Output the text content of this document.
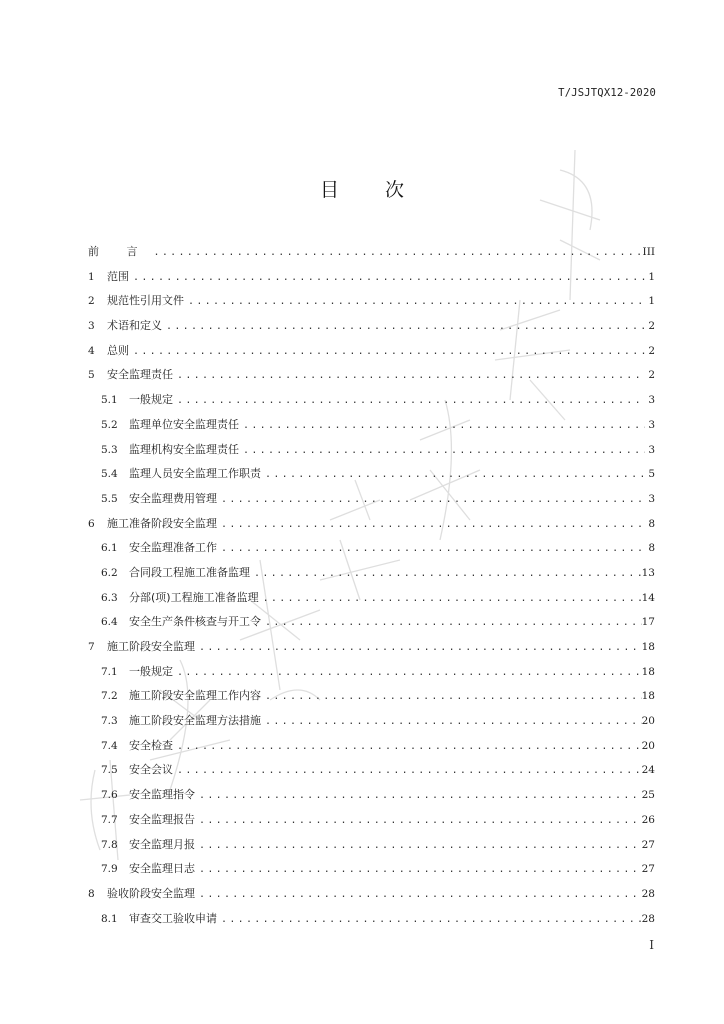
T/JSJTQX12-2020
目 次
前 言 .....	III
1	范围 .....	1
2	规范性引用文件 .....	1
3	术语和定义 .....	2
4	总则 .....	2
5	安全监理责任 .....	2
5.1	一般规定 .....	3
5.2	监理单位安全监理责任 .....	3
5.3	监理机构安全监理责任 .....	3
5.4	监理人员安全监理工作职责 .....	5
5.5	安全监理费用管理 .....	3
6	施工准备阶段安全监理 .....	8
6.1	安全监理准备工作 .....	8
6.2	合同段工程施工准备监理 .....	13
6.3	分部(项)工程施工准备监理 .....	14
6.4	安全生产条件核查与开工令 .....	17
7	施工阶段安全监理 .....	18
7.1	一般规定 .....	18
7.2	施工阶段安全监理工作内容 .....	18
7.3	施工阶段安全监理方法措施 .....	20
7.4	安全检查 .....	20
7.5	安全会议 .....	24
7.6	安全监理指令 .....	25
7.7	安全监理报告 .....	26
7.8	安全监理月报 .....	27
7.9	安全监理日志 .....	27
8	验收阶段安全监理 .....	28
8.1	审查交工验收申请 .....	28
I
